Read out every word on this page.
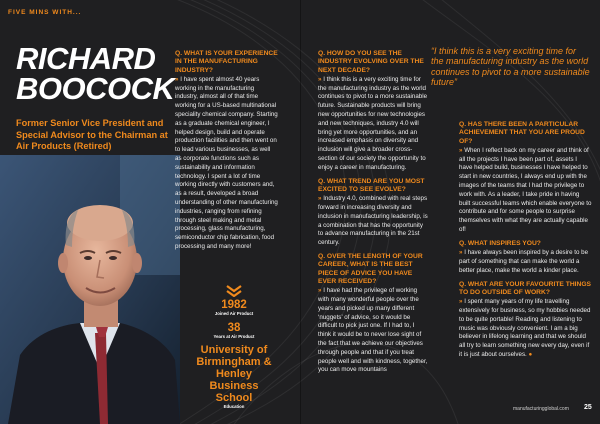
FIVE MINS WITH...
RICHARD
BOOCOCK
Former Senior Vice President and Special Advisor to the Chairman at Air Products (Retired)
Q. WHAT IS YOUR EXPERIENCE IN THE MANUFACTURING INDUSTRY?
» I have spent almost 40 years working in the manufacturing industry, almost all of that time working for a US-based multinational speciality chemical company. Starting as a graduate chemical engineer, I helped design, build and operate production facilities and then went on to lead various businesses, as well as corporate functions such as sustainability and information technology. I spent a lot of time working directly with customers and, as a result, developed a broad understanding of other manufacturing industries, ranging from refining through steel making and metal processing, glass manufacturing, semiconductor chip fabrication, food processing and many more!
1982
Joined Air Product
38
Years at Air Product
University of Birmingham & Henley Business School
Education
Q. HOW DO YOU SEE THE INDUSTRY EVOLVING OVER THE NEXT DECADE?
» I think this is a very exciting time for the manufacturing industry as the world continues to pivot to a more sustainable future. Sustainable products will bring new opportunities for new technologies and new techniques, industry 4.0 will bring yet more opportunities, and an increased emphasis on diversity and inclusion will give a broader cross-section of our society the opportunity to enjoy a career in manufacturing.
Q. WHAT TREND ARE YOU MOST EXCITED TO SEE EVOLVE?
» Industry 4.0, combined with real steps forward in increasing diversity and inclusion in manufacturing leadership, is a combination that has the opportunity to advance manufacturing in the 21st century.
Q. OVER THE LENGTH OF YOUR CAREER, WHAT IS THE BEST PIECE OF ADVICE YOU HAVE EVER RECEIVED?
» I have had the privilege of working with many wonderful people over the years and picked up many different ‘nuggets’ of advice, so it would be difficult to pick just one. If I had to, I think it would be to never lose sight of the fact that we achieve our objectives through people and that if you treat people well and with kindness, together, you can move mountains
“I think this is a very exciting time for the manufacturing industry as the world continues to pivot to a more sustainable future”
Q. HAS THERE BEEN A PARTICULAR ACHIEVEMENT THAT YOU ARE PROUD OF?
» When I reflect back on my career and think of all the projects I have been part of, assets I have helped build, businesses I have helped to start in new countries, I always end up with the images of the teams that I had the privilege to work with. As a leader, I take pride in having built successful teams which enable everyone to contribute and for some people to surprise themselves with what they are actually capable of!
Q. WHAT INSPIRES YOU?
» I have always been inspired by a desire to be part of something that can make the world a better place, make the world a kinder place.
Q. WHAT ARE YOUR FAVOURITE THINGS TO DO OUTSIDE OF WORK?
» I spent many years of my life travelling extensively for business, so my hobbies needed to be quite portable! Reading and listening to music was obviously convenient. I am a big believer in lifelong learning and that we should all try to learn something new every day, even if it is just about ourselves. ●
manufacturingglobal.com 25
